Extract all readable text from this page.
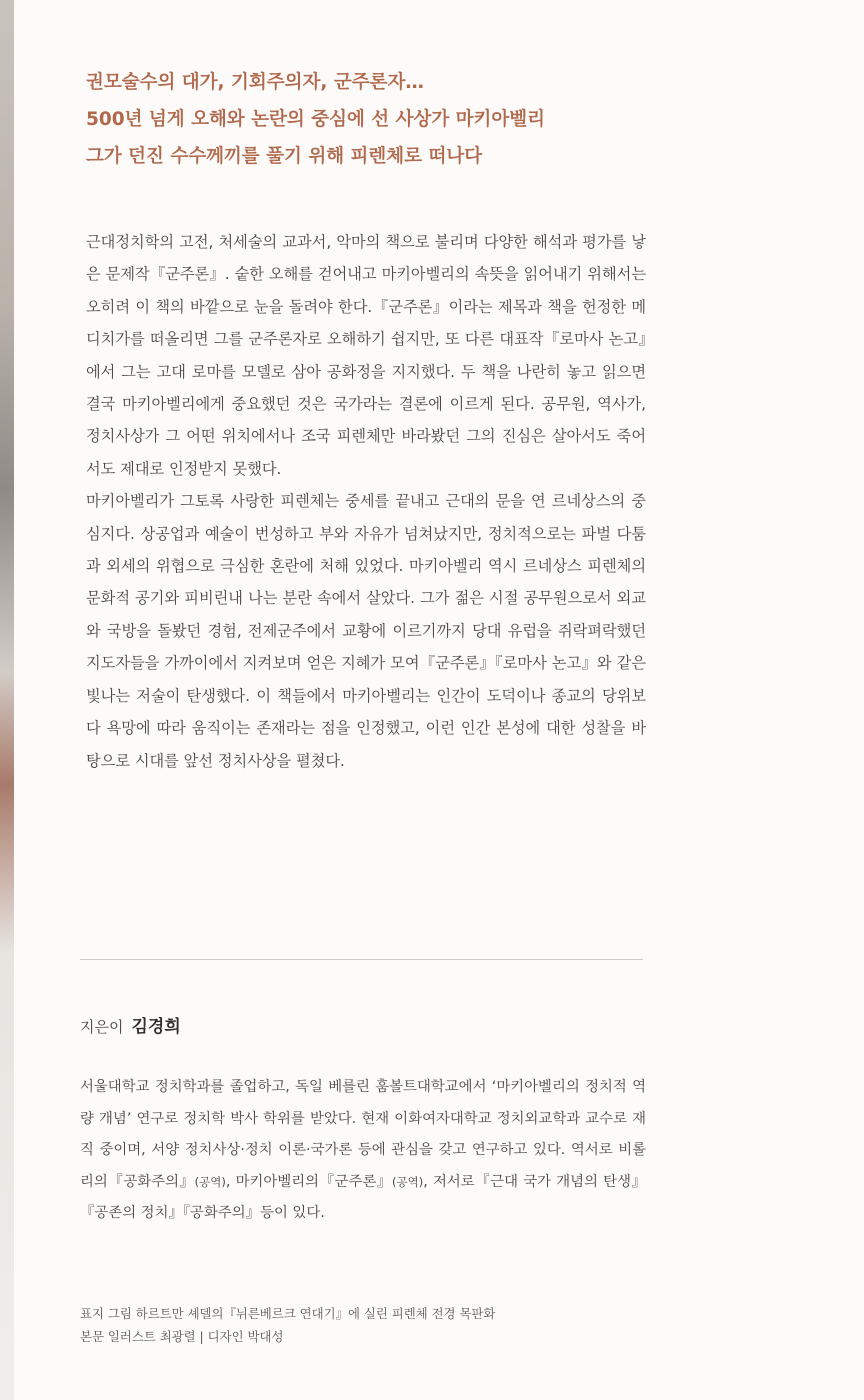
권모술수의 대가, 기회주의자, 군주론자…
500년 넘게 오해와 논란의 중심에 선 사상가 마키아벨리
그가 던진 수수께끼를 풀기 위해 피렌체로 떠나다

근대정치학의 고전, 처세술의 교과서, 악마의 책으로 불리며 다양한 해석과 평가를 낳은 문제작『군주론』. 숱한 오해를 걷어내고 마키아벨리의 속뜻을 읽어내기 위해서는 오히려 이 책의 바깥으로 눈을 돌려야 한다.『군주론』이라는 제목과 책을 헌정한 메디치가를 떠올리면 그를 군주론자로 오해하기 쉽지만, 또 다른 대표작『로마사 논고』에서 그는 고대 로마를 모델로 삼아 공화정을 지지했다. 두 책을 나란히 놓고 읽으면 결국 마키아벨리에게 중요했던 것은 국가라는 결론에 이르게 된다. 공무원, 역사가, 정치사상가 그 어떤 위치에서나 조국 피렌체만 바라봤던 그의 진심은 살아서도 죽어서도 제대로 인정받지 못했다.

마키아벨리가 그토록 사랑한 피렌체는 중세를 끝내고 근대의 문을 연 르네상스의 중심지다. 상공업과 예술이 번성하고 부와 자유가 넘쳐났지만, 정치적으로는 파벌 다툼과 외세의 위협으로 극심한 혼란에 처해 있었다. 마키아벨리 역시 르네상스 피렌체의 문화적 공기와 피비린내 나는 분란 속에서 살았다. 그가 젊은 시절 공무원으로서 외교와 국방을 돌봤던 경험, 전제군주에서 교황에 이르기까지 당대 유럽을 쥐락펴락했던 지도자들을 가까이에서 지켜보며 얻은 지혜가 모여『군주론』『로마사 논고』와 같은 빛나는 저술이 탄생했다. 이 책들에서 마키아벨리는 인간이 도덕이나 종교의 당위보다 욕망에 따라 움직이는 존재라는 점을 인정했고, 이런 인간 본성에 대한 성찰을 바탕으로 시대를 앞선 정치사상을 펼쳤다.

지은이 김경희
서울대학교 정치학과를 졸업하고, 독일 베를린 훔볼트대학교에서 ‘마키아벨리의 정치적 역량 개념’ 연구로 정치학 박사 학위를 받았다. 현재 이화여자대학교 정치외교학과 교수로 재직 중이며, 서양 정치사상·정치 이론·국가론 등에 관심을 갖고 연구하고 있다. 역서로 비롤리의『공화주의』(공역), 마키아벨리의『군주론』(공역), 저서로『근대 국가 개념의 탄생』『공존의 정치』『공화주의』등이 있다.
표지 그림 하르트만 셰델의『뉘른베르크 연대기』에 실린 피렌체 전경 목판화
본문 일러스트 최광렬 | 디자인 박대성
